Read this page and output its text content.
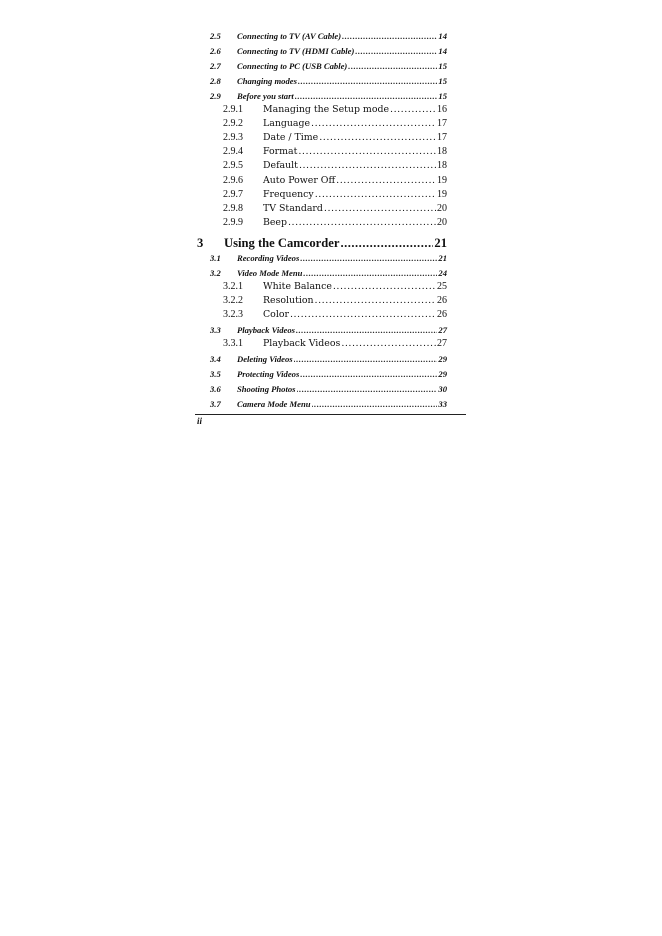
2.5	Connecting to TV (AV Cable) .....	14
2.6	Connecting to TV (HDMI Cable) .....	14
2.7	Connecting to PC (USB Cable) .....	15
2.8	Changing modes .....	15
2.9	Before you start .....	15
2.9.1	Managing the Setup mode .....	16
2.9.2	Language .....	17
2.9.3	Date / Time .....	17
2.9.4	Format .....	18
2.9.5	Default .....	18
2.9.6	Auto Power Off .....	19
2.9.7	Frequency .....	19
2.9.8	TV Standard .....	20
2.9.9	Beep .....	20
3	Using the Camcorder .....	21
3.1	Recording Videos .....	21
3.2	Video Mode Menu .....	24
3.2.1	White Balance .....	25
3.2.2	Resolution .....	26
3.2.3	Color .....	26
3.3	Playback Videos .....	27
3.3.1	Playback Videos .....	27
3.4	Deleting Videos .....	29
3.5	Protecting Videos .....	29
3.6	Shooting Photos .....	30
3.7	Camera Mode Menu .....	33
ii
